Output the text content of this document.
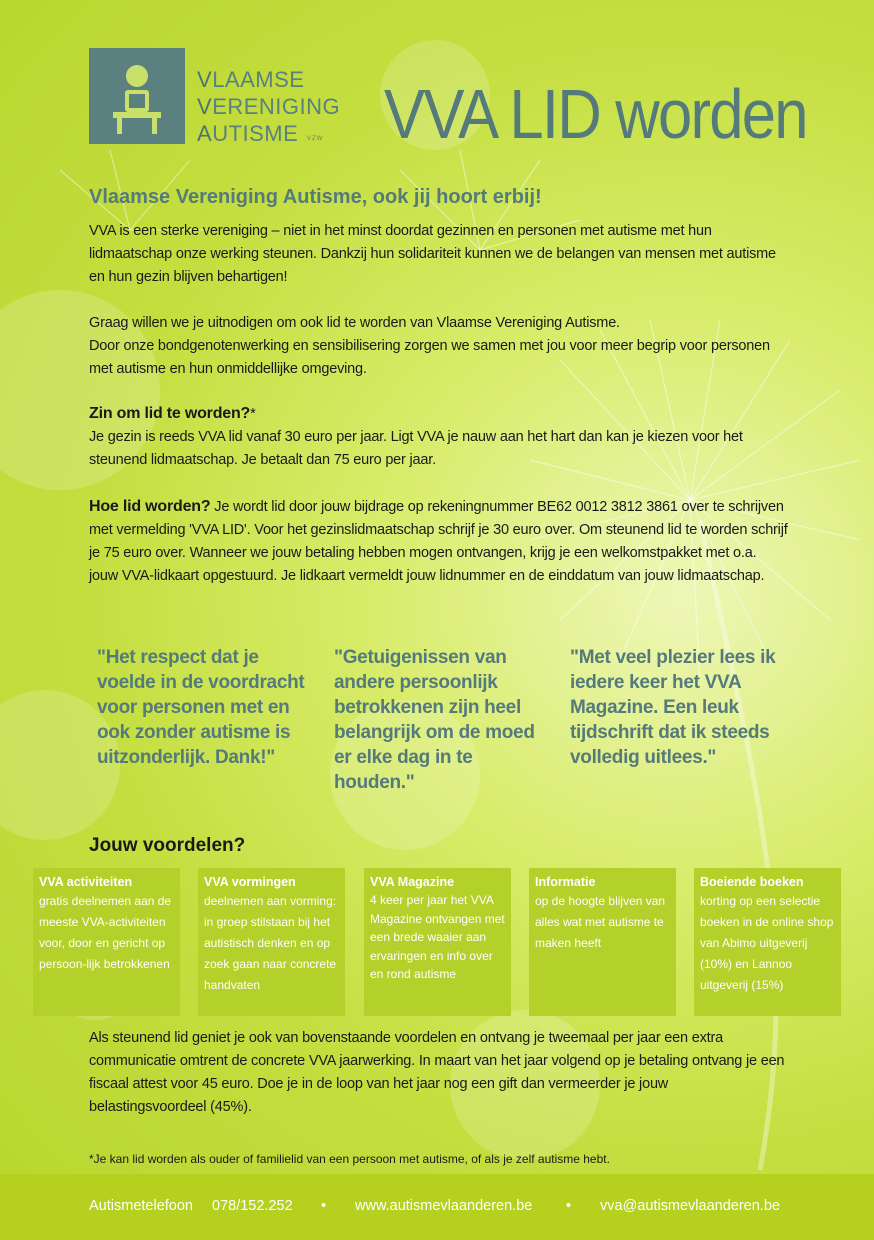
VLAAMSE
VERENIGING
AUTISME	VZW VVA LID worden
Vlaamse Vereniging Autisme, ook jij hoort erbij!
VVA is een sterke vereniging – niet in het minst doordat gezinnen en personen met autisme met hun lidmaatschap onze werking steunen. Dankzij hun solidariteit kunnen we de belangen van mensen met autisme en hun gezin blijven behartigen!
Graag willen we je uitnodigen om ook lid te worden van Vlaamse Vereniging Autisme.
Door onze bondgenotenwerking en sensibilisering zorgen we samen met jou voor meer begrip voor personen met autisme en hun onmiddellijke omgeving.
Zin om lid te worden?*
Je gezin is reeds VVA lid vanaf 30 euro per jaar. Ligt VVA je nauw aan het hart dan kan je kiezen voor het steunend lidmaatschap. Je betaalt dan 75 euro per jaar.
Hoe lid worden? Je wordt lid door jouw bijdrage op rekeningnummer BE62 0012 3812 3861 over te schrijven met vermelding 'VVA LID'. Voor het gezinslidmaatschap schrijf je 30 euro over. Om steunend lid te worden schrijf je 75 euro over. Wanneer we jouw betaling hebben mogen ontvangen, krijg je een welkomstpakket met o.a. jouw VVA-lidkaart opgestuurd. Je lidkaart vermeldt jouw lidnummer en de einddatum van jouw lidmaatschap.
"Het respect dat je voelde in de voordracht voor personen met en ook zonder autisme is uitzonderlijk. Dank!"
"Getuigenissen van andere persoonlijk betrokkenen zijn heel belangrijk om de moed er elke dag in te houden."
"Met veel plezier lees ik iedere keer het VVA Magazine. Een leuk tijdschrift dat ik steeds volledig uitlees."
Jouw voordelen?
VVA activiteiten
gratis deelnemen aan de meeste VVA-activiteiten voor, door en gericht op persoon-lijk betrokkenen
VVA vormingen
deelnemen aan vorming: in groep stilstaan bij het autistisch denken en op zoek gaan naar concrete handvaten
VVA Magazine
4 keer per jaar het VVA Magazine ontvangen met een brede waaier aan ervaringen en info over en rond autisme
Informatie
op de hoogte blijven van alles wat met autisme te maken heeft
Boeiende boeken
korting op een selectie boeken in de online shop van Abimo uitgeverij (10%) en Lannoo uitgeverij (15%)
Als steunend lid geniet je ook van bovenstaande voordelen en ontvang je tweemaal per jaar een extra communicatie omtrent de concrete VVA jaarwerking. In maart van het jaar volgend op je betaling ontvang je een fiscaal attest voor 45 euro. Doe je in de loop van het jaar nog een gift dan vermeerder je jouw belastingsvoordeel (45%).
*Je kan lid worden als ouder of familielid van een persoon met autisme, of als je zelf autisme hebt.
Autismetelefoon 078/152.252 • www.autismevlaanderen.be • vva@autismevlaanderen.be
